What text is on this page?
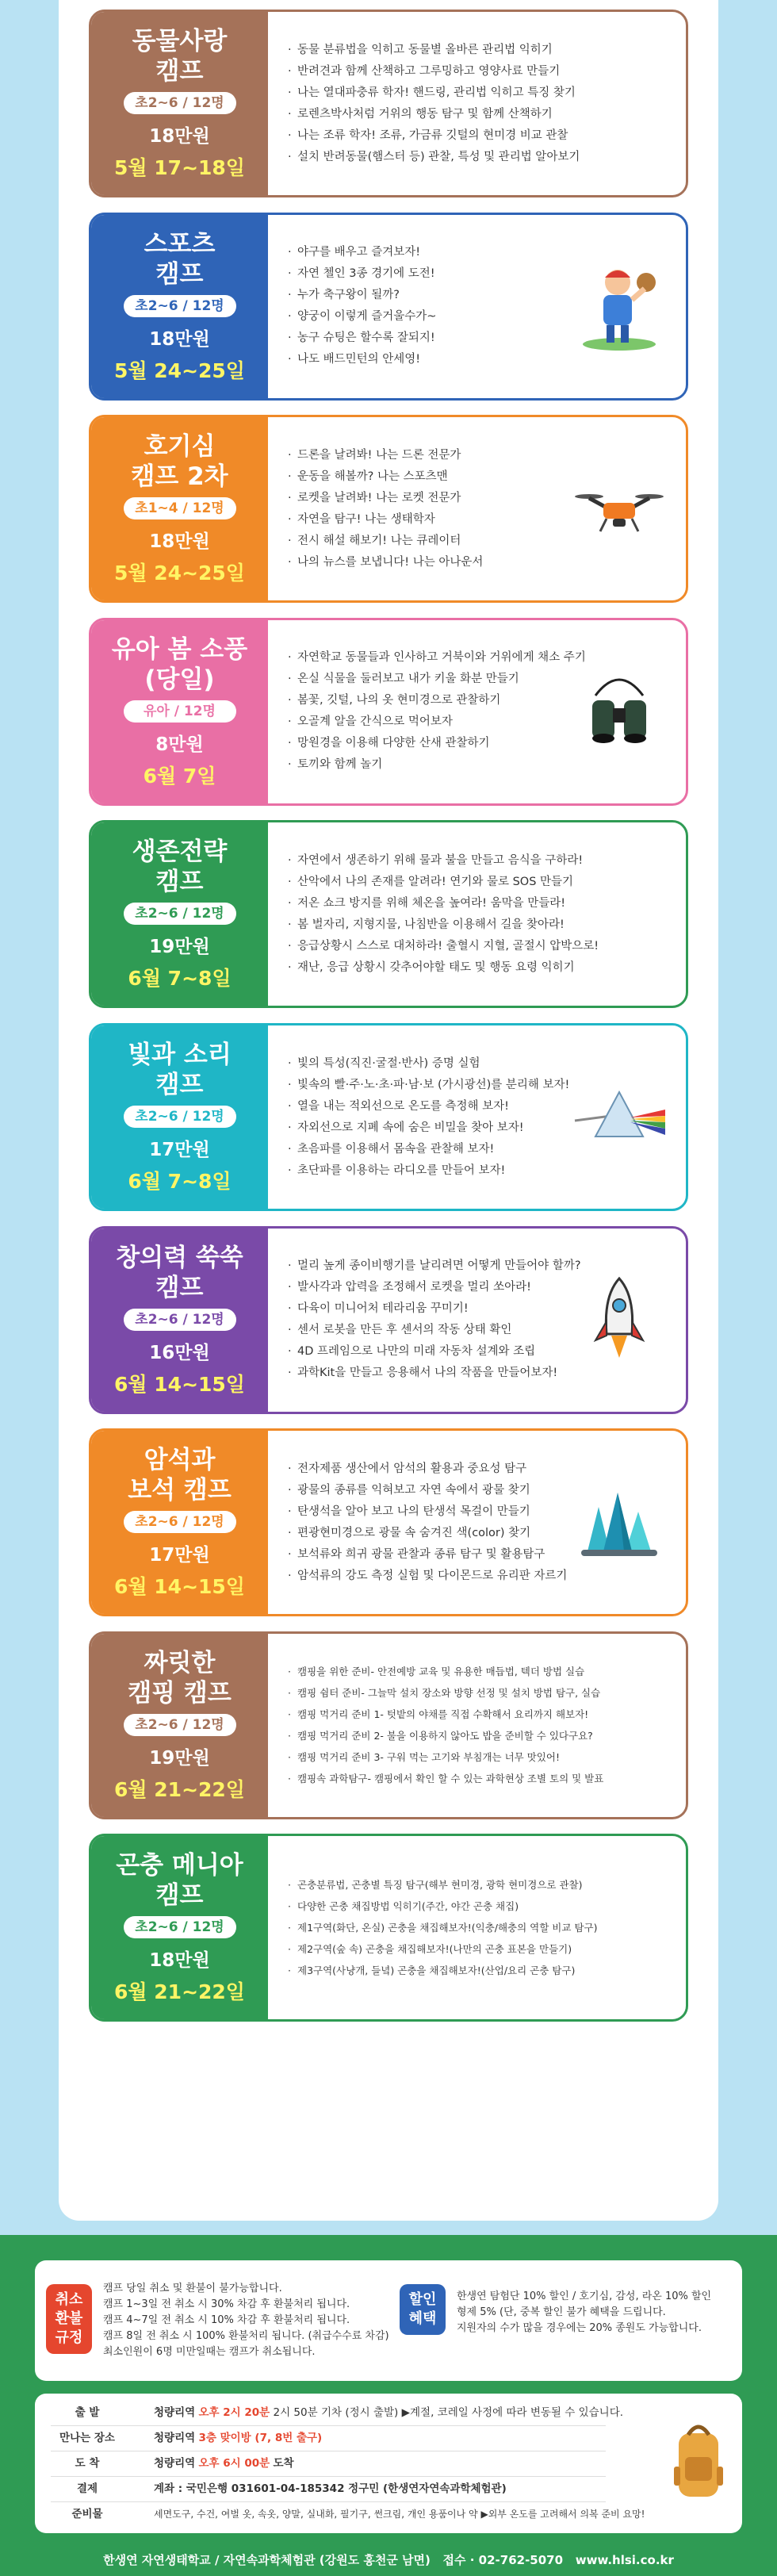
동물사랑
캠프
초2~6 / 12명
18만원
5월 17~18일
· 동물 분류법을 익히고 동물별 올바른 관리법 익히기
· 반려견과 함께 산책하고 그루밍하고 영양사료 만들기
· 나는 열대파충류 학자! 핸드링, 관리법 익히고 특징 찾기
· 로렌츠박사처럼 거위의 행동 탐구 및 함께 산책하기
· 나는 조류 학자! 조류, 가금류 깃털의 현미경 비교 관찰
· 설치 반려동물(햄스터 등) 관찰, 특성 및 관리법 알아보기
스포츠
캠프
초2~6 / 12명
18만원
5월 24~25일
· 야구를 배우고 즐겨보자!
· 자연 첼인 3종 경기에 도전!
· 누가 축구왕이 될까?
· 양궁이 이렇게 즐거울수가~
· 농구 슈팅은 할수록 잘되지!
· 나도 배드민턴의 안세영!
호기심
캠프 2차
초1~4 / 12명
18만원
5월 24~25일
· 드론을 날려봐! 나는 드론 전문가
· 운동을 해볼까? 나는 스포츠맨
· 로켓을 날려봐! 나는 로켓 전문가
· 자연을 탐구! 나는 생태학자
· 전시 해설 해보기! 나는 큐레이터
· 나의 뉴스를 보냅니다! 나는 아나운서
유아 봄 소풍
(당일)
유아 / 12명
8만원
6월 7일
· 자연학교 동물들과 인사하고 거북이와 거위에게 채소 주기
· 온실 식물을 둘러보고 내가 키울 화분 만들기
· 봄꽃, 깃털, 나의 옷 현미경으로 관찰하기
· 오골계 알을 간식으로 먹어보자
· 망원경을 이용해 다양한 산새 관찰하기
· 토끼와 함께 놀기
생존전략
캠프
초2~6 / 12명
19만원
6월 7~8일
· 자연에서 생존하기 위해 물과 불을 만들고 음식을 구하라!
· 산악에서 나의 존재를 알려라! 연기와 물로 SOS 만들기
· 저온 쇼크 방지를 위해 체온을 높여라! 움막을 만들라!
· 봄 벌자리, 지형지물, 나침반을 이용해서 길을 찾아라!
· 응급상황시 스스로 대처하라! 출혈시 지혈, 골절시 압박으로!
· 재난, 응급 상황시 갖추어야할 태도 및 행동 요령 익히기
빛과 소리
캠프
초2~6 / 12명
17만원
6월 7~8일
· 빛의 특성(직진·굴절·반사) 증명 실험
· 빛속의 빨·주·노·초·파·남·보 (가시광선)를 분리해 보자!
· 열을 내는 적외선으로 온도를 측정해 보자!
· 자외선으로 지폐 속에 숨은 비밀을 찾아 보자!
· 초음파를 이용해서 몸속을 관찰해 보자!
· 초단파를 이용하는 라디오를 만들어 보자!
창의력 쑥쑥
캠프
초2~6 / 12명
16만원
6월 14~15일
· 멀리 높게 종이비행기를 날리려면 어떻게 만들어야 할까?
· 발사각과 압력을 조정해서 로켓을 멀리 쏘아라!
· 다육이 미니어처 테라리움 꾸미기!
· 센서 로봇을 만든 후 센서의 작동 상태 확인
· 4D 프레임으로 나만의 미래 자동차 설계와 조립
· 과학Kit을 만들고 응용해서 나의 작품을 만들어보자!
암석과
보석 캠프
초2~6 / 12명
17만원
6월 14~15일
· 전자제품 생산에서 암석의 활용과 중요성 탐구
· 광물의 종류를 익혀보고 자연 속에서 광물 찾기
· 탄생석을 알아 보고 나의 탄생석 목걸이 만들기
· 편광현미경으로 광물 속 숨겨진 색(color) 찾기
· 보석류와 희귀 광물 관찰과 종류 탐구 및 활용탐구
· 암석류의 강도 측정 실험 및 다이몬드로 유리판 자르기
짜릿한
캠핑 캠프
초2~6 / 12명
19만원
6월 21~22일
· 캠핑을 위한 준비- 안전예방 교육 및 유용한 매듭법, 텍더 방법 실습
· 캠핑 쉼터 준비- 그늘막 설치 장소와 방향 선정 및 설치 방법 탐구, 실습
· 캠핑 먹거리 준비 1- 텃밭의 야채를 직접 수확해서 요리까지 해보자!
· 캠핑 먹거리 준비 2- 불을 이용하지 않아도 밥을 준비할 수 있다구요?
· 캠핑 먹거리 준비 3- 구워 먹는 고기와 부침개는 너무 맛있어!
· 캠핑속 과학탐구- 캠핑에서 확인 할 수 있는 과학현상 조별 토의 및 발표
곤충 메니아
캠프
초2~6 / 12명
18만원
6월 21~22일
· 곤충분류법, 곤충별 특징 탐구(해부 현미경, 광학 현미경으로 관찰)
· 다양한 곤충 채집방법 익히기(주간, 야간 곤충 채집)
· 제1구역(화단, 온실) 곤충을 채집해보자!(익충/해충의 역할 비교 탐구)
· 제2구역(숲 속) 곤충을 채집해보자!(나만의 곤충 표본을 만들기)
· 제3구역(사냥개, 들녘) 곤충을 채집해보자!(산업/요리 곤충 탐구)
취소
환불
규정
캠프 당일 취소 및 환불이 불가능합니다.
캠프 1~3일 전 취소 시 30% 차감 후 환불처리 됩니다.
캠프 4~7일 전 취소 시 10% 차감 후 환불처리 됩니다.
캠프 8일 전 취소 시 100% 환불처리 됩니다. (취급수수료 차감)
최소인원이 6명 미만일때는 캠프가 취소됩니다.
할인
혜택
한생연 탐험단 10% 할인 / 호기심, 감성, 라온 10% 할인
형제 5% (단, 중복 할인 불가 혜택을 드립니다.
지원자의 수가 많을 경우에는 20% 종원도 가능합니다.
출 발	청량리역 오후 2시 20분 2시 50분 기차 (정시 출발) ▶계절, 코레일 사정에 따라 변동될 수 있습니다.
만나는 장소	청량리역 3층 맞이방 (7, 8번 출구)
도 착	청량리역 오후 6시 00분 도착
결제	계좌 : 국민은행 031601-04-185342 정구민 (한생연자연속과학체험관)
준비물	세면도구, 수건, 여벌 옷, 속옷, 양말, 실내화, 필기구, 썬크림, 개인 용품이나 약 ▶외부 온도를 고려해서 의복 준비 요망!
한생연 자연생태학교 / 자연속과학체험관 (강원도 홍천군 남면) 접수 · 02-762-5070 www.hlsi.co.kr
